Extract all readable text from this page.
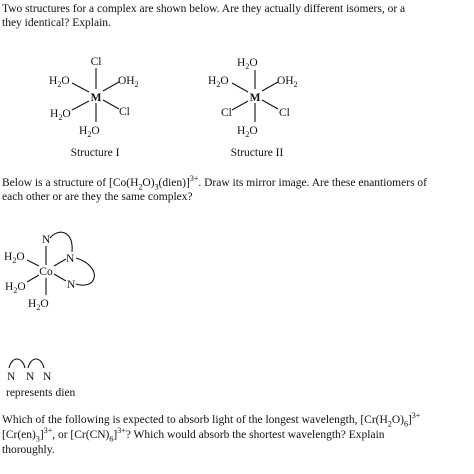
Two structures for a complex are shown below. Are they actually different isomers, or a
they identical? Explain.
Cl
$H_2O$	$OH_2$
M
$H_2O$	Cl
$H_2O$
Structure I
$H_2O$
$H_2O$	$OH_2$
M
Cl	Cl
$H_2O$
Structure II
N
$H_2O$	N
Co
$H_2O$	N
$H_2O$
N N N
Below is a structure of $[Co(H_2O)_3(dien)]^{3+}$. Draw its mirror image. Are these enantiomers of
each other or are they the same complex?
represents dien
Which of the following is expected to absorb light of the longest wavelength, $[Cr(H_2O)_6]^{3+}$
$[Cr(en)_3]^{3+}$, or $[Cr(CN)_6]^{3+}$? Which would absorb the shortest wavelength? Explain
thoroughly.
